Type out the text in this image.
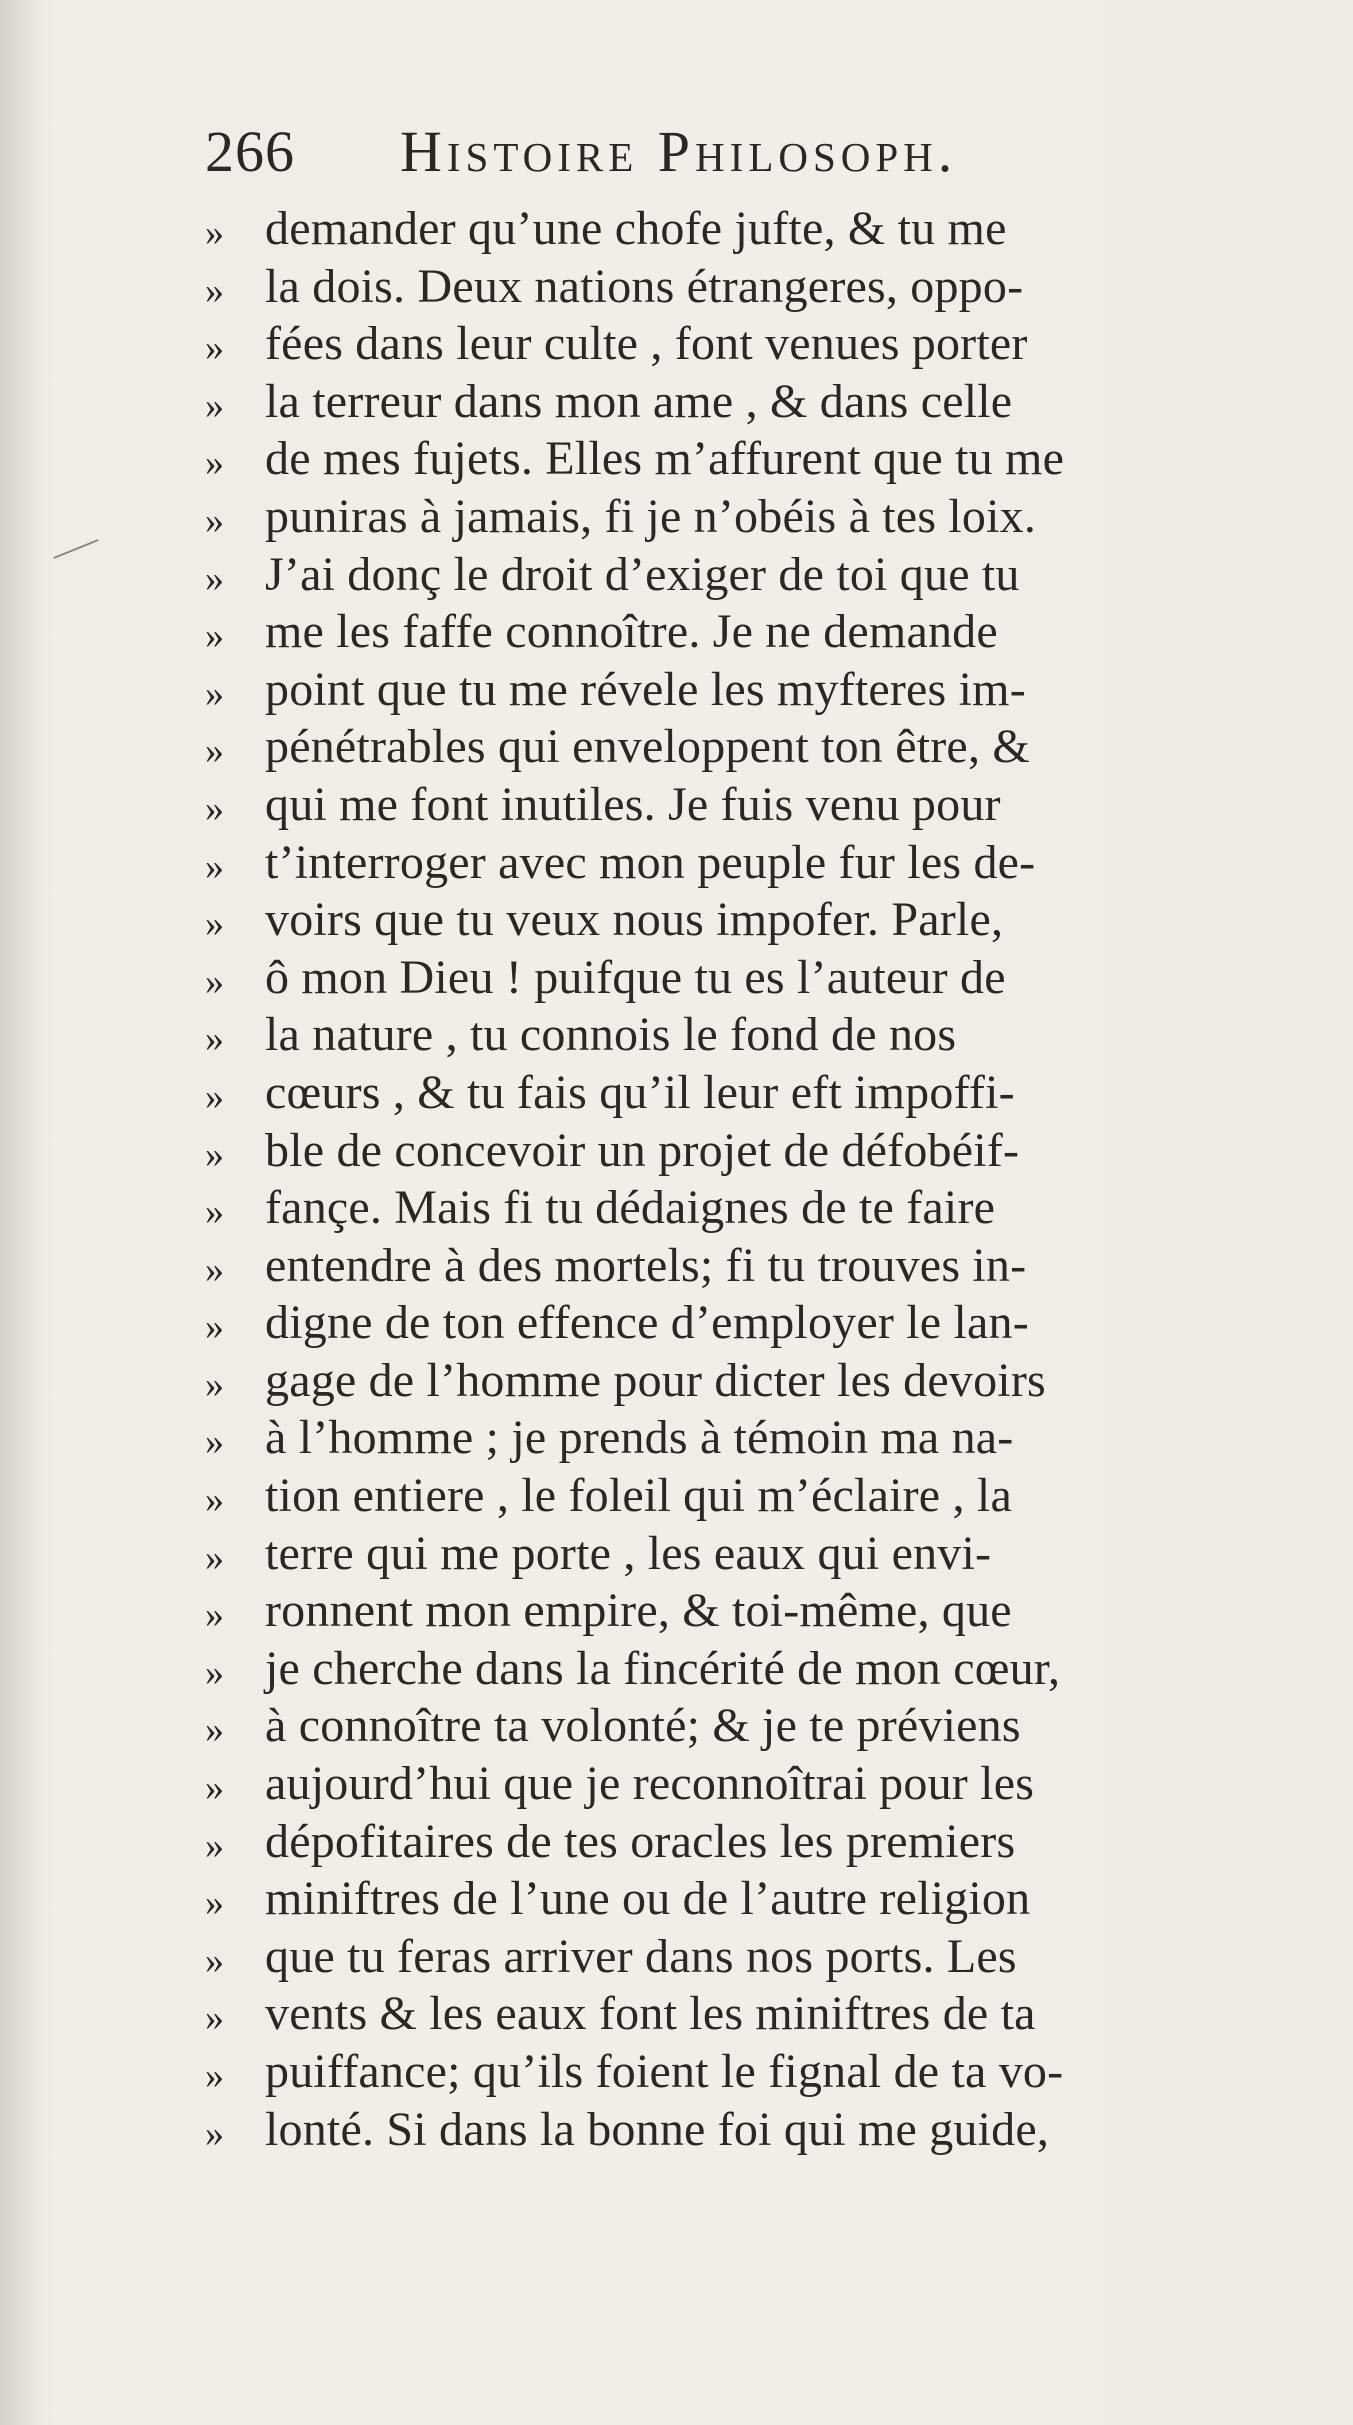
266 Histoire Philosoph.
» demander qu’une chofe jufte, & tu me
» la dois. Deux nations étrangeres, oppo-
» fées dans leur culte , font venues porter
» la terreur dans mon ame , & dans celle
» de mes fujets. Elles m’affurent que tu me
» puniras à jamais, fi je n’obéis à tes loix.
» J’ai donç le droit d’exiger de toi que tu
» me les faffe connoître. Je ne demande
» point que tu me révele les myfteres im-
» pénétrables qui enveloppent ton être, &
» qui me font inutiles. Je fuis venu pour
» t’interroger avec mon peuple fur les de-
» voirs que tu veux nous impofer. Parle,
» ô mon Dieu ! puifque tu es l’auteur de
» la nature , tu connois le fond de nos
» cœurs , & tu fais qu’il leur eft impoffi-
» ble de concevoir un projet de défobéif-
» fançe. Mais fi tu dédaignes de te faire
» entendre à des mortels; fi tu trouves in-
» digne de ton effence d’employer le lan-
» gage de l’homme pour dicter les devoirs
» à l’homme ; je prends à témoin ma na-
» tion entiere , le foleil qui m’éclaire , la
» terre qui me porte , les eaux qui envi-
» ronnent mon empire, & toi-même, que
» je cherche dans la fincérité de mon cœur,
» à connoître ta volonté; & je te préviens
» aujourd’hui que je reconnoîtrai pour les
» dépofitaires de tes oracles les premiers
» miniftres de l’une ou de l’autre religion
» que tu feras arriver dans nos ports. Les
» vents & les eaux font les miniftres de ta
» puiffance; qu’ils foient le fignal de ta vo-
» lonté. Si dans la bonne foi qui me guide,
